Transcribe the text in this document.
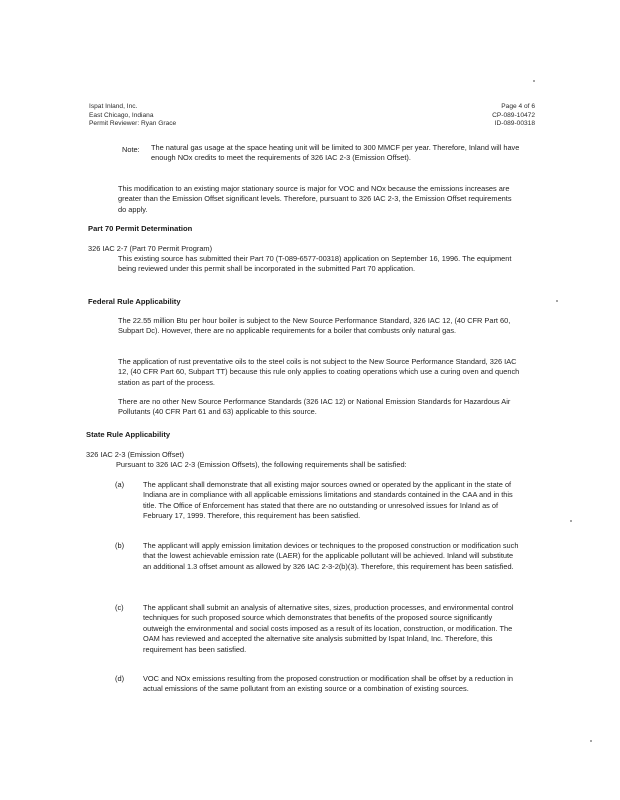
Ispat Inland, Inc.
East Chicago, Indiana
Permit Reviewer: Ryan Grace
Page 4 of 6
CP-089-10472
ID-089-00318
Note: The natural gas usage at the space heating unit will be limited to 300 MMCF per year. Therefore, Inland will have enough NOx credits to meet the requirements of 326 IAC 2-3 (Emission Offset).
This modification to an existing major stationary source is major for VOC and NOx because the emissions increases are greater than the Emission Offset significant levels. Therefore, pursuant to 326 IAC 2-3, the Emission Offset requirements do apply.
Part 70 Permit Determination
326 IAC 2-7 (Part 70 Permit Program)
This existing source has submitted their Part 70 (T-089-6577-00318) application on September 16, 1996. The equipment being reviewed under this permit shall be incorporated in the submitted Part 70 application.
Federal Rule Applicability
The 22.55 million Btu per hour boiler is subject to the New Source Performance Standard, 326 IAC 12, (40 CFR Part 60, Subpart Dc). However, there are no applicable requirements for a boiler that combusts only natural gas.
The application of rust preventative oils to the steel coils is not subject to the New Source Performance Standard, 326 IAC 12, (40 CFR Part 60, Subpart TT) because this rule only applies to coating operations which use a curing oven and quench station as part of the process.
There are no other New Source Performance Standards (326 IAC 12) or National Emission Standards for Hazardous Air Pollutants (40 CFR Part 61 and 63) applicable to this source.
State Rule Applicability
326 IAC 2-3 (Emission Offset)
Pursuant to 326 IAC 2-3 (Emission Offsets), the following requirements shall be satisfied:
(a)	The applicant shall demonstrate that all existing major sources owned or operated by the applicant in the state of Indiana are in compliance with all applicable emissions limitations and standards contained in the CAA and in this title. The Office of Enforcement has stated that there are no outstanding or unresolved issues for Inland as of February 17, 1999. Therefore, this requirement has been satisfied.
(b)	The applicant will apply emission limitation devices or techniques to the proposed construction or modification such that the lowest achievable emission rate (LAER) for the applicable pollutant will be achieved. Inland will substitute an additional 1.3 offset amount as allowed by 326 IAC 2-3-2(b)(3). Therefore, this requirement has been satisfied.
(c)	The applicant shall submit an analysis of alternative sites, sizes, production processes, and environmental control techniques for such proposed source which demonstrates that benefits of the proposed source significantly outweigh the environmental and social costs imposed as a result of its location, construction, or modification. The OAM has reviewed and accepted the alternative site analysis submitted by Ispat Inland, Inc. Therefore, this requirement has been satisfied.
(d)	VOC and NOx emissions resulting from the proposed construction or modification shall be offset by a reduction in actual emissions of the same pollutant from an existing source or a combination of existing sources.
